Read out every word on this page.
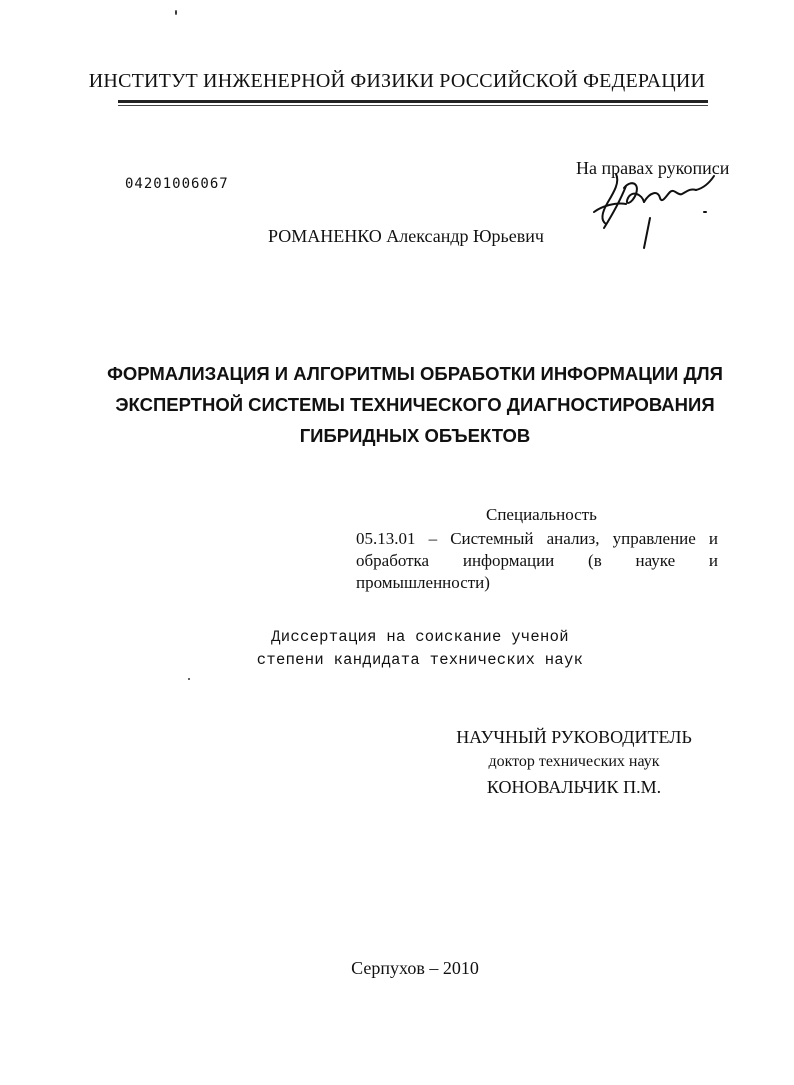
ИНСТИТУТ ИНЖЕНЕРНОЙ ФИЗИКИ РОССИЙСКОЙ ФЕДЕРАЦИИ
04201006067
На правах рукописи
РОМАНЕНКО Александр Юрьевич
ФОРМАЛИЗАЦИЯ И АЛГОРИТМЫ ОБРАБОТКИ ИНФОРМАЦИИ ДЛЯ
ЭКСПЕРТНОЙ СИСТЕМЫ ТЕХНИЧЕСКОГО ДИАГНОСТИРОВАНИЯ
ГИБРИДНЫХ ОБЪЕКТОВ
Специальность
05.13.01 – Системный анализ, управление и
обработка информации (в науке и
промышленности)
Диссертация на соискание ученой
степени кандидата технических наук
НАУЧНЫЙ РУКОВОДИТЕЛЬ
доктор технических наук
КОНОВАЛЬЧИК П.М.
Серпухов – 2010
